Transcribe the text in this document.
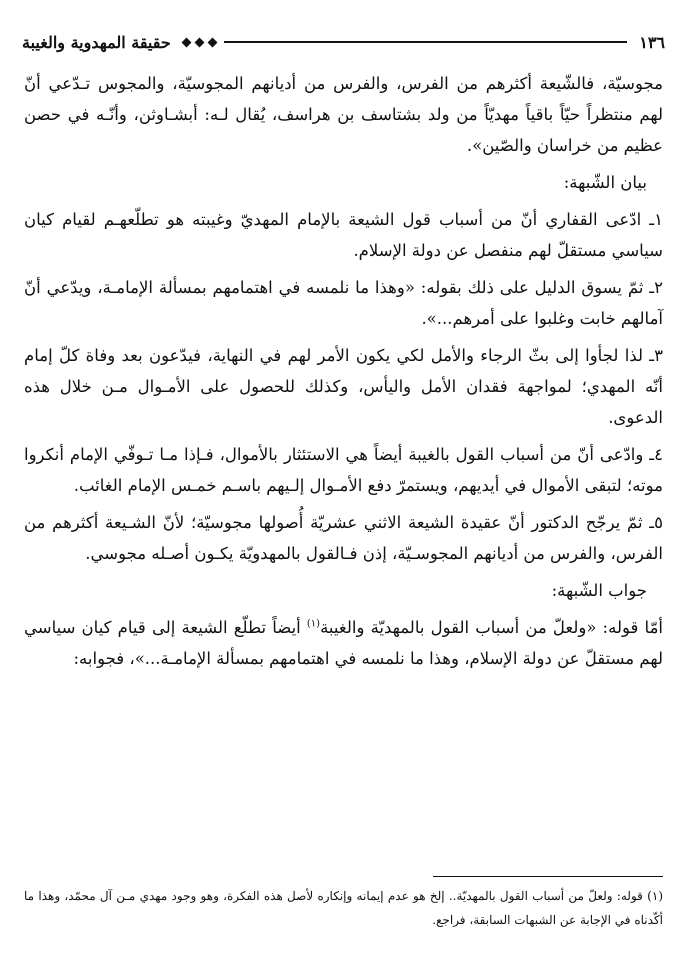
١٣٦
حقيقة المهدوية والغيبة

مجوسيّة، فالشّيعة أكثرهم من الفرس، والفرس من أديانهم المجوسيّة، والمجوس تـدّعي أنّ لهم منتظراً حيّاً باقياً مهديّاً من ولد بشتاسف بن هراسف، يُقال لـه: أبشـاوثن، وأنّـه في حصن عظيم من خراسان والصّين».

بيان الشّبهة:

١ـ ادّعى القفاري أنّ من أسباب قول الشيعة بالإمام المهديّ وغيبته هو تطلّعهـم لقيام كيان سياسي مستقلّ لهم منفصل عن دولة الإسلام.

٢ـ ثمّ يسوق الدليل على ذلك بقوله: «وهذا ما نلمسه في اهتمامهم بمسألة الإمامـة، ويدّعي أنّ آمالهم خابت وغلبوا على أمرهم...».

٣ـ لذا لجأوا إلى بثّ الرجاء والأمل لكي يكون الأمر لهم في النهاية، فيدّعون بعد وفاة كلّ إمام أنّه المهدي؛ لمواجهة فقدان الأمل واليأس، وكذلك للحصول على الأمـوال مـن خلال هذه الدعوى.

٤ـ وادّعى أنّ من أسباب القول بالغيبة أيضاً هي الاستئثار بالأموال، فـإذا مـا تـوفّي الإمام أنكروا موته؛ لتبقى الأموال في أيديهم، ويستمرّ دفع الأمـوال إلـيهم باسـم خمـس الإمام الغائب.

٥ـ ثمّ يرجّح الدكتور أنّ عقيدة الشيعة الاثني عشريّة أُصولها مجوسيّة؛ لأنّ الشـيعة أكثرهم من الفرس، والفرس من أديانهم المجوسـيّة، إذن فـالقول بالمهدويّة يكـون أصـله مجوسي.

جواب الشّبهة:

أمّا قوله: «ولعلّ من أسباب القول بالمهديّة والغيبة$^{(١)}$ أيضاً تطلّع الشيعة إلى قيام كيان سياسي لهم مستقلّ عن دولة الإسلام، وهذا ما نلمسه في اهتمامهم بمسألة الإمامـة...»، فجوابه:

(١) قوله: ولعلّ من أسباب القول بالمهديّة.. إلخ هو عدم إيمانه وإنكاره لأصل هذه الفكرة، وهو وجود مهدي مـن آل محمّد، وهذا ما أكّدناه في الإجابة عن الشبهات السابقة، فراجع.
